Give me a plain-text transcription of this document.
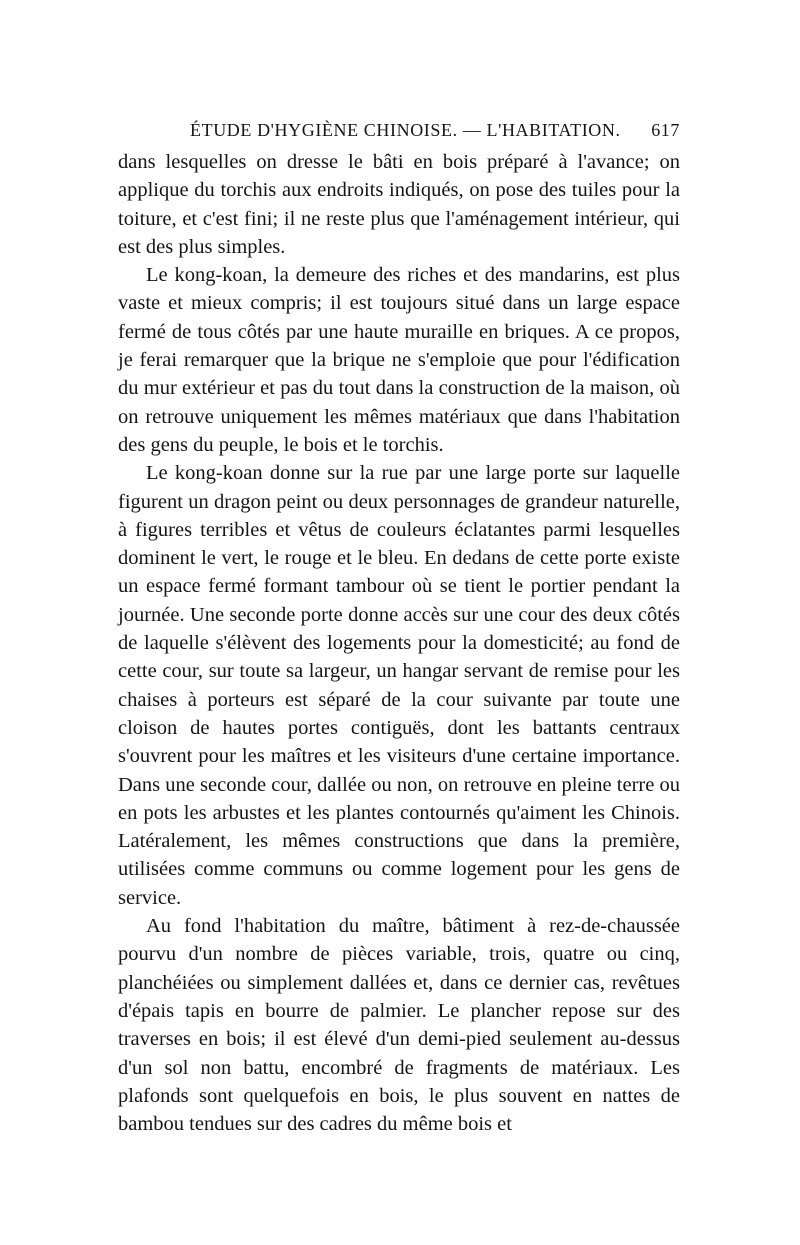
ÉTUDE D'HYGIÈNE CHINOISE. — L'HABITATION. 617

dans lesquelles on dresse le bâti en bois préparé à l'avance; on applique du torchis aux endroits indiqués, on pose des tuiles pour la toiture, et c'est fini; il ne reste plus que l'aménagement intérieur, qui est des plus simples.

Le kong-koan, la demeure des riches et des mandarins, est plus vaste et mieux compris; il est toujours situé dans un large espace fermé de tous côtés par une haute muraille en briques. A ce propos, je ferai remarquer que la brique ne s'emploie que pour l'édification du mur extérieur et pas du tout dans la construction de la maison, où on retrouve uniquement les mêmes matériaux que dans l'habitation des gens du peuple, le bois et le torchis.

Le kong-koan donne sur la rue par une large porte sur laquelle figurent un dragon peint ou deux personnages de grandeur naturelle, à figures terribles et vêtus de couleurs éclatantes parmi lesquelles dominent le vert, le rouge et le bleu. En dedans de cette porte existe un espace fermé formant tambour où se tient le portier pendant la journée. Une seconde porte donne accès sur une cour des deux côtés de laquelle s'élèvent des logements pour la domesticité; au fond de cette cour, sur toute sa largeur, un hangar servant de remise pour les chaises à porteurs est séparé de la cour suivante par toute une cloison de hautes portes contiguës, dont les battants centraux s'ouvrent pour les maîtres et les visiteurs d'une certaine importance. Dans une seconde cour, dallée ou non, on retrouve en pleine terre ou en pots les arbustes et les plantes contournés qu'aiment les Chinois. Latéralement, les mêmes constructions que dans la première, utilisées comme communs ou comme logement pour les gens de service.

Au fond l'habitation du maître, bâtiment à rez-de-chaussée pourvu d'un nombre de pièces variable, trois, quatre ou cinq, planchéiées ou simplement dallées et, dans ce dernier cas, revêtues d'épais tapis en bourre de palmier. Le plancher repose sur des traverses en bois; il est élevé d'un demi-pied seulement au-dessus d'un sol non battu, encombré de fragments de matériaux. Les plafonds sont quelquefois en bois, le plus souvent en nattes de bambou tendues sur des cadres du même bois et
